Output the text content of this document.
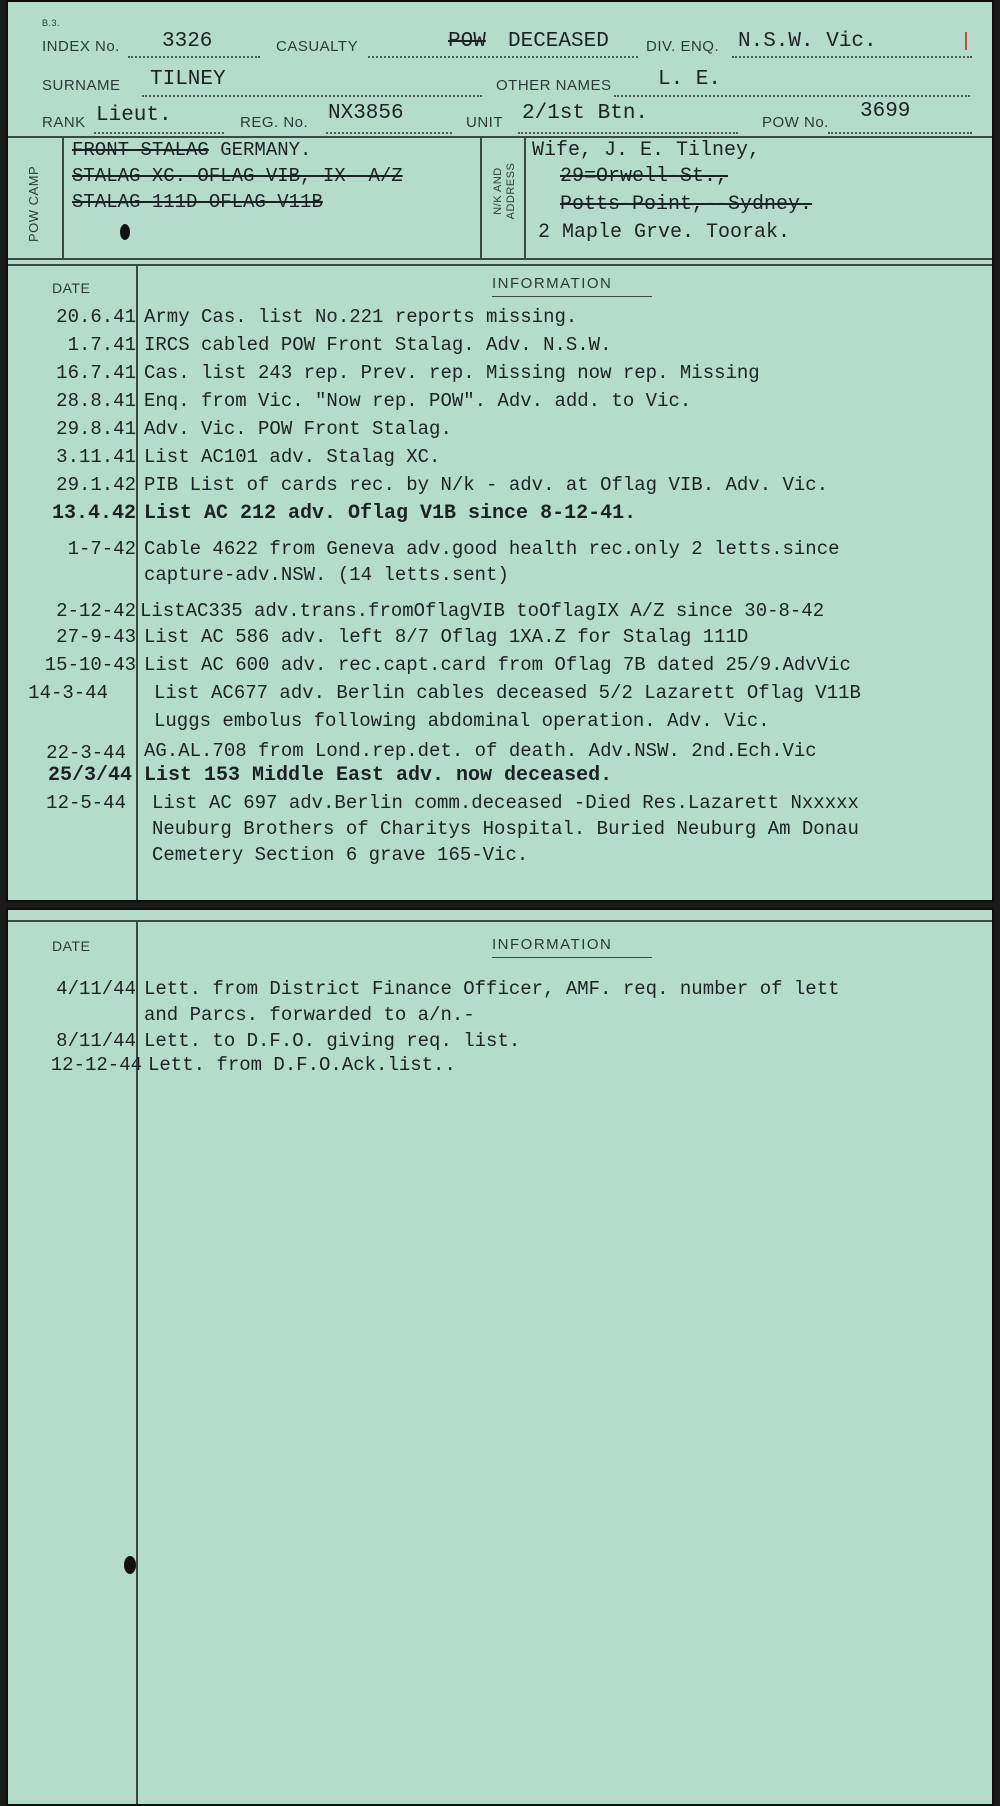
B.3.
INDEX No. 3326	CASUALTY	POW DECEASED DIV. ENQ. N.S.W. Vic.
SURNAME TILNEY	OTHER NAMES L. E.
RANK Lieut.	REG. No. NX3856	UNIT 2/1st Btn.	POW No. 3699
POW CAMP	N/K AND ADDRESS
FRONT-STALAG GERMANY.
STALAG-XC. OFLAG VIB, IX--A/Z
STALAG-111D-OFLAG-V11B
Wife, J. E. Tilney,
29=Orwell-St.,
Potts-Point,--Sydney.
2 Maple Grve. Toorak.
DATE	INFORMATION
20.6.41 Army Cas. list No.221 reports missing.
1.7.41 IRCS cabled POW Front Stalag. Adv. N.S.W.
16.7.41 Cas. list 243 rep. Prev. rep. Missing now rep. Missing
28.8.41 Enq. from Vic. "Now rep. POW". Adv. add. to Vic.
29.8.41 Adv. Vic. POW Front Stalag.
3.11.41 List AC101 adv. Stalag XC.
29.1.42 PIB List of cards rec. by N/k - adv. at Oflag VIB. Adv. Vic.
13.4.42 List AC 212 adv. Oflag V1B since 8-12-41.
1-7-42 Cable 4622 from Geneva adv.good health rec.only 2 letts.since
capture-adv.NSW. (14 letts.sent)
2-12-42 ListAC335 adv.trans.fromOflagVIB toOflagIX A/Z since 30-8-42
27-9-43 List AC 586 adv. left 8/7 Oflag 1XA.Z for Stalag 111D
15-10-43 List AC 600 adv. rec.capt.card from Oflag 7B dated 25/9.AdvVic
14-3-44 List AC677 adv. Berlin cables deceased 5/2 Lazarett Oflag V11B
Luggs embolus following abdominal operation. Adv. Vic.
22-3-44 AG.AL.708 from Lond.rep.det. of death. Adv.NSW. 2nd.Ech.Vic
25/3/44 List 153 Middle East adv. now deceased.
12-5-44 List AC 697 adv.Berlin comm.deceased -Died Res.Lazarett Nxxxxx
Neuburg Brothers of Charitys Hospital. Buried Neuburg Am Donau
Cemetery Section 6 grave 165-Vic.
DATE	INFORMATION
4/11/44 Lett. from District Finance Officer, AMF. req. number of lett
and Parcs. forwarded to a/n.-
8/11/44 Lett. to D.F.O. giving req. list.
12-12-44 Lett. from D.F.O.Ack.list..
